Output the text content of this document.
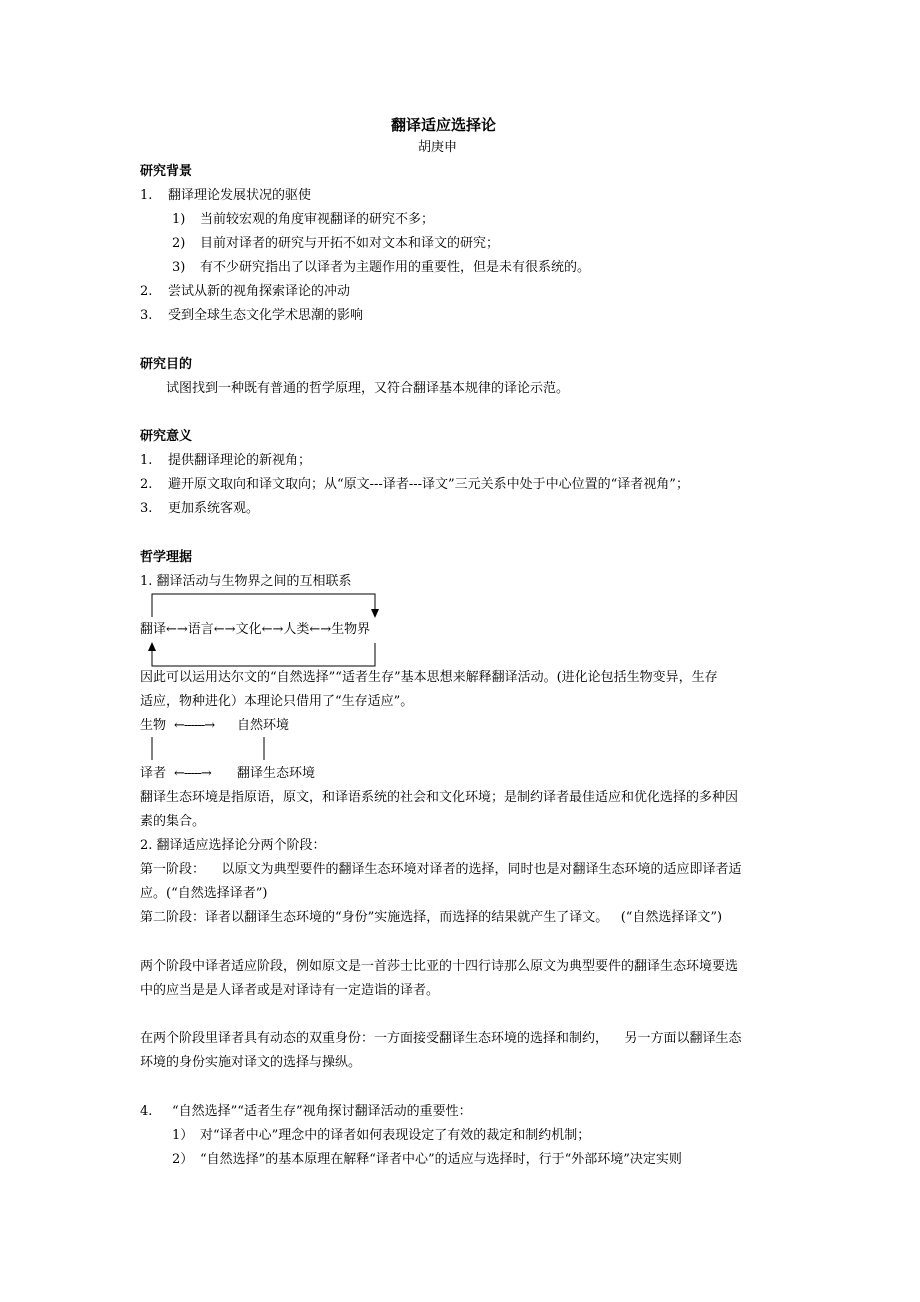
翻译适应选择论
胡庚申
研究背景
1. 翻译理论发展状况的驱使
1) 当前较宏观的角度审视翻译的研究不多；
2) 目前对译者的研究与开拓不如对文本和译文的研究；
3) 有不少研究指出了以译者为主题作用的重要性，但是未有很系统的。
2. 尝试从新的视角探索译论的冲动
3. 受到全球生态文化学术思潮的影响
研究目的
试图找到一种既有普通的哲学原理，又符合翻译基本规律的译论示范。
研究意义
1. 提供翻译理论的新视角；
2. 避开原文取向和译文取向；从“原文---译者---译文”三元关系中处于中心位置的“译者视角”；
3. 更加系统客观。
哲学理据
1. 翻译活动与生物界之间的互相联系
翻译←→语言←→文化←→人类←→生物界
因此可以运用达尔文的“自然选择”“适者生存”基本思想来解释翻译活动。(进化论包括生物变异，生存
适应，物种进化）本理论只借用了“生存适应”。
生物 ←------→ 自然环境
译者 ←-----→ 翻译生态环境
翻译生态环境是指原语，原文，和译语系统的社会和文化环境；是制约译者最佳适应和优化选择的多种因
素的集合。
2. 翻译适应选择论分两个阶段：
第一阶段：    以原文为典型要件的翻译生态环境对译者的选择，同时也是对翻译生态环境的适应即译者适
应。(“自然选择译者”)
第二阶段：译者以翻译生态环境的“身份”实施选择，而选择的结果就产生了译文。   (“自然选择译文”)
两个阶段中译者适应阶段，例如原文是一首莎士比亚的十四行诗那么原文为典型要件的翻译生态环境要选
中的应当是是人译者或是对译诗有一定造诣的译者。
在两个阶段里译者具有动态的双重身份：一方面接受翻译生态环境的选择和制约，    另一方面以翻译生态
环境的身份实施对译文的选择与操纵。
4. “自然选择”“适者生存”视角探讨翻译活动的重要性：
1） 对“译者中心”理念中的译者如何表现设定了有效的裁定和制约机制；
2） “自然选择”的基本原理在解释“译者中心”的适应与选择时，行于“外部环境”决定实则
